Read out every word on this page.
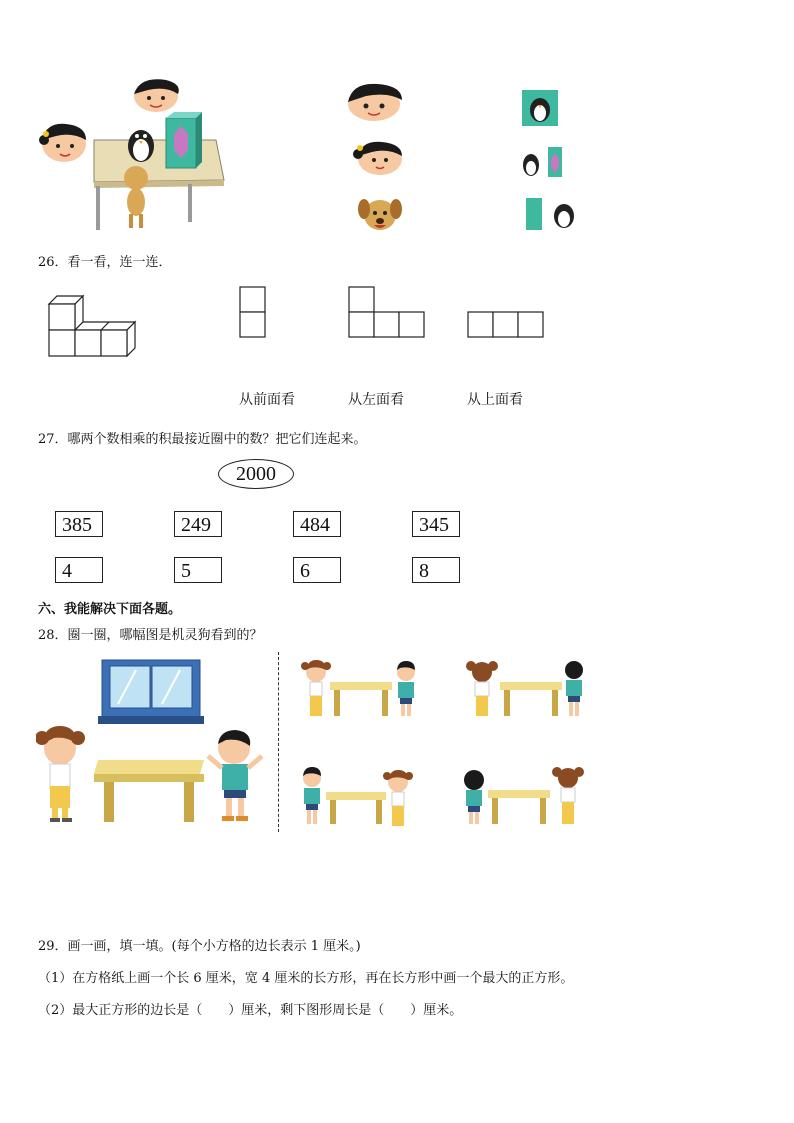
26．看一看，连一连．
从前面看	从左面看	从上面看
27．哪两个数相乘的积最接近圈中的数？把它们连起来。
2000
385	249	484	345
4	5	6	8
六、我能解决下面各题。
28．圈一圈，哪幅图是机灵狗看到的？
29．画一画，填一填。(每个小方格的边长表示 1 厘米。)
（1）在方格纸上画一个长 6 厘米，宽 4 厘米的长方形，再在长方形中画一个最大的正方形。
（2）最大正方形的边长是（　　）厘米，剩下图形周长是（　　）厘米。
